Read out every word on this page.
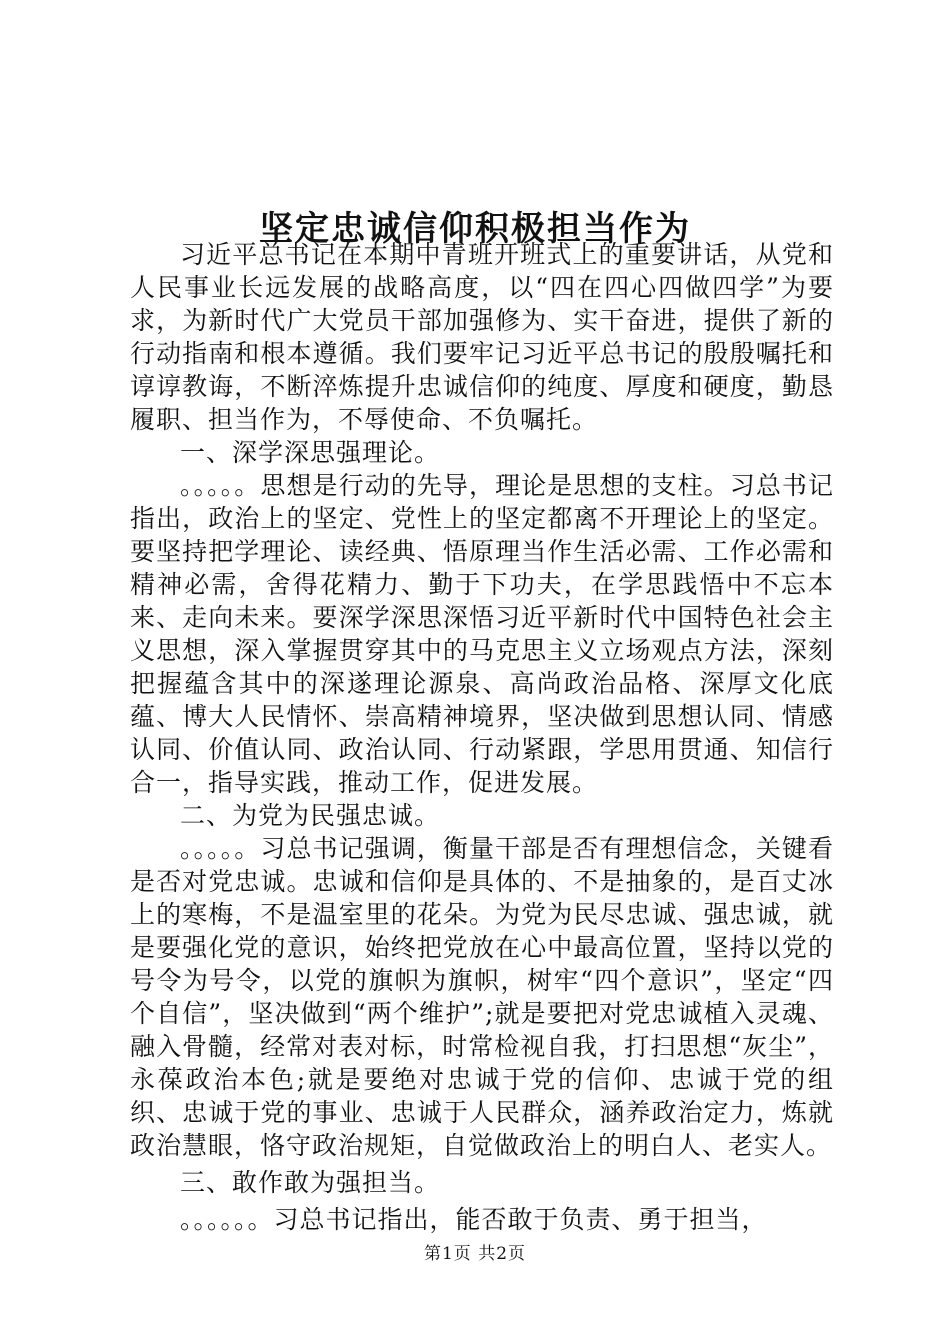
坚定忠诚信仰积极担当作为

习近平总书记在本期中青班开班式上的重要讲话，从党和人民事业长远发展的战略高度，以“四在四心四做四学”为要求，为新时代广大党员干部加强修为、实干奋进，提供了新的行动指南和根本遵循。我们要牢记习近平总书记的殷殷嘱托和谆谆教诲，不断淬炼提升忠诚信仰的纯度、厚度和硬度，勤恳履职、担当作为，不辱使命、不负嘱托。

一、深学深思强理论。

。。。。。思想是行动的先导，理论是思想的支柱。习总书记指出，政治上的坚定、党性上的坚定都离不开理论上的坚定。要坚持把学理论、读经典、悟原理当作生活必需、工作必需和精神必需，舍得花精力、勤于下功夫，在学思践悟中不忘本来、走向未来。要深学深思深悟习近平新时代中国特色社会主义思想，深入掌握贯穿其中的马克思主义立场观点方法，深刻把握蕴含其中的深遂理论源泉、高尚政治品格、深厚文化底蕴、博大人民情怀、崇高精神境界，坚决做到思想认同、情感认同、价值认同、政治认同、行动紧跟，学思用贯通、知信行合一，指导实践，推动工作，促进发展。

二、为党为民强忠诚。

。。。。。习总书记强调，衡量干部是否有理想信念，关键看是否对党忠诚。忠诚和信仰是具体的、不是抽象的，是百丈冰上的寒梅，不是温室里的花朵。为党为民尽忠诚、强忠诚，就是要强化党的意识，始终把党放在心中最高位置，坚持以党的号令为号令，以党的旗帜为旗帜，树牢“四个意识”，坚定“四个自信”，坚决做到“两个维护”;就是要把对党忠诚植入灵魂、融入骨髓，经常对表对标，时常检视自我，打扫思想“灰尘”，永葆政治本色;就是要绝对忠诚于党的信仰、忠诚于党的组织、忠诚于党的事业、忠诚于人民群众，涵养政治定力，炼就政治慧眼，恪守政治规矩，自觉做政治上的明白人、老实人。

三、敢作敢为强担当。

。。。。。。习总书记指出，能否敢于负责、勇于担当，

第1页 共2页
